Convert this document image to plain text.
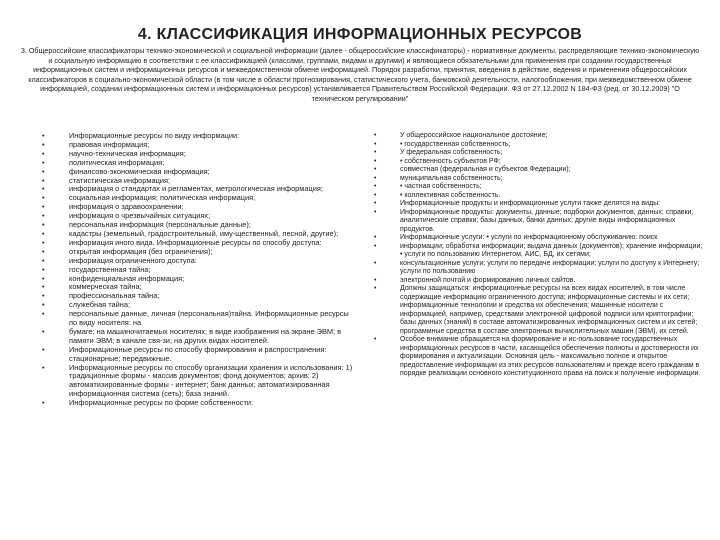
4. КЛАССИФИКАЦИЯ ИНФОРМАЦИОННЫХ РЕСУРСОВ
3. Общероссийские классификаторы технико-экономической и социальной информации (далее - общероссийские классификаторы) - нормативные документы, распределяющие технико-экономическую и социальную информацию в соответствии с ее классификацией (классами, группами, видами и другими) и являющиеся обязательными для применения при создании государственных информационных систем и информационных ресурсов и межведомственном обмене информацией. Порядок разработки, принятия, введения в действие, ведения и применения общероссийских классификаторов в социально-экономической области (в том числе в области прогнозирования, статистического учета, банковской деятельности, налогообложения, при межведомственном обмене информацией, создании информационных систем и информационных ресурсов) устанавливается Правительством Российской Федерации. ФЗ от 27.12.2002 N 184-ФЗ (ред. от 30.12.2009) "О техническом регулировании"
•	Информационные ресурсы по виду информации:
•	правовая информация;
•	научно-техническая информация;
•	политическая информация;
•	финансово-экономическая информация;
•	статистическая информация;
•	информация о стандартах и регламентах, метрологическая информация;
•	социальная информация; политическая информация;
•	информация о здравоохранении;
•	информация о чрезвычайных ситуациях;
•	персональная информация (персональные данные);
•	кадастры (земельный, градостроительный, иму-щественный, лесной, другие);
•	информация иного вида. Информационные ресурсы по способу доступа:
•	открытая информация (без ограничения);
•	информация ограниченного доступа:
•	государственная тайна;
•	конфиденциальная информация;
•	коммерческая тайна;
•	профессиональная тайна;
•	служебная тайна;
•	персональные данные, личная (персональная)тайна. Информационные ресурсы по виду носителя: на
•	бумаге; на машиночитаемых носителях; в виде изображения на экране ЭВМ; в памяти ЭВМ; в канале свя-зи; на других видах носителей.
•	Информационные ресурсы по способу формирования и распространения: стационарные; передвижные.
•	Информационные ресурсы по способу организации хранения и использования: 1) традиционные формы - массив документов; фонд документов; архив; 2) автоматизированные формы - интернет; банк данных; автоматизированная информационная система (сеть); база знаний.
•	Информационные ресурсы по форме собственности:
•	У общероссийское национальное достояние;
•	• государственная собственность;
•	У федеральная собственность;
•	• собственность субъектов РФ;
•	совместная (федеральная и субъектов Федерации);
•	муниципальная собственность;
•	• частная собственность;
•	• коллективная собственность.
•	Информационные продукты и информационные услуги также делятся на виды:
•	Информационные продукты: документы, данные; подборки документов, данных; справки, аналитические справки; базы данных, банки данных; другие виды информационных продуктов.
•	Информационные услуги: • услуги по информационному обслуживанию: поиск
•	информации; обработка информации; выдача данных (документов); хранение информации; • услуги по пользованию Интернетом, АИС, БД, их сетями;
•	консультационные услуги; услуги по передаче информации; услуги по доступу к Интернету; услуги по пользованию
•	электронной почтой и формированию личных сайтов.
•	Должны защищаться: информационные ресурсы на всех видах носителей, в том числе содержащие информацию ограниченного доступа; информационные системы и их сети; информационные технологии и средства их обеспечения; машинные носители с информацией, например, средствами электронной цифровой подписи или криптографии; базы данных (знаний) в составе автоматизированных информационных систем и их сетей; программные средства в составе электронных вычислительных машин (ЭВМ), их сетей.
•	Особое внимание обращается на формирование и ис-пользование государственных информационных ресурсов в части, касающейся обеспечения полноты и достоверности их формирования и актуализации. Основная цель - максимально полное и открытое предоставление информации из этих ресурсов пользователям и прежде всего гражданам в порядке реализации основного конституционного права на поиск и получение информации.
